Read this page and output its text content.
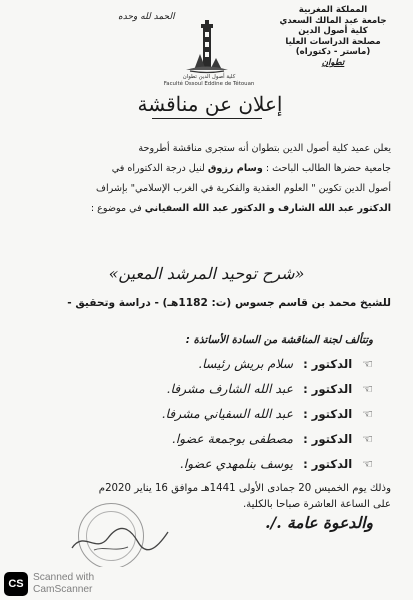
الحمد لله وحده
المملكة المغربية
جامعة عبد المالك السعدي
كلية أصول الدين
مصلحة الدراسات العليا
(ماستر - دكتوراه)
تطوان
كلية أصول الدين تطوان
Faculté Ossoul Eddine de Tétouan
إعلان عن مناقشة
يعلن عميد كلية أصول الدين بتطوان أنه ستجرى مناقشة أطروحة
جامعية حضرها الطالب الباحث : وسام رزوق لنيل درجة الدكتوراه في
أصول الدين تكوين " العلوم العقدية والفكرية في الغرب الإسلامي" بإشراف
الدكتور عبد الله الشارف و الدكتور عبد الله السفياني في موضوع :
«شرح توحيد المرشد المعين»
للشيخ محمد بن قاسم جسوس (ت: 1182هـ) - دراسة وتحقيق -
وتتألف لجنة المناقشة من السادة الأساتذة :
☜ الدكتور : سلام بريش رئيسا.
☜ الدكتور : عبد الله الشارف مشرفا.
☜ الدكتور : عبد الله السفياني مشرفا.
☜ الدكتور : مصطفى بوجمعة عضوا.
☜ الدكتور : يوسف بنلمهدي عضوا.
وذلك يوم الخميس 20 جمادى الأولى 1441هـ موافق 16 يناير 2020م
على الساعة العاشرة صباحا بالكلية.
والدعوة عامة ./.
CS
Scanned with
CamScanner
